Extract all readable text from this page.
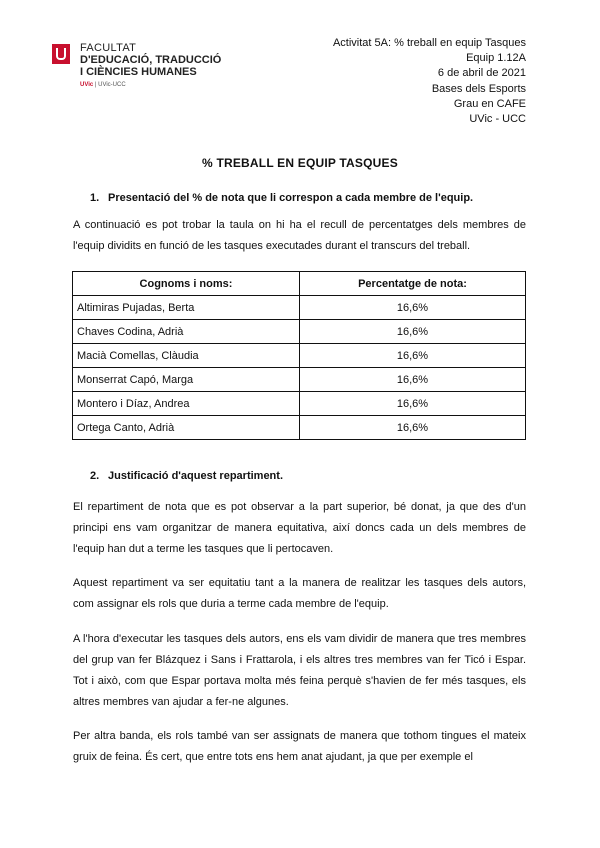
FACULTAT
D'EDUCACIÓ, TRADUCCIÓ
I CIÈNCIES HUMANES
UVic | UVic-UCC
Activitat 5A: % treball en equip Tasques
Equip 1.12A
6 de abril de 2021
Bases dels Esports
Grau en CAFE
UVic - UCC
% TREBALL EN EQUIP TASQUES
1. Presentació del % de nota que li correspon a cada membre de l'equip.
A continuació es pot trobar la taula on hi ha el recull de percentatges dels membres de l'equip dividits en funció de les tasques executades durant el transcurs del treball.
Cognoms i noms:	Percentatge de nota:
Altimiras Pujadas, Berta	16,6%
Chaves Codina, Adrià	16,6%
Macià Comellas, Clàudia	16,6%
Monserrat Capó, Marga	16,6%
Montero i Díaz, Andrea	16,6%
Ortega Canto, Adrià	16,6%
2. Justificació d'aquest repartiment.
El repartiment de nota que es pot observar a la part superior, bé donat, ja que des d'un principi ens vam organitzar de manera equitativa, així doncs cada un dels membres de l'equip han dut a terme les tasques que li pertocaven.
Aquest repartiment va ser equitatiu tant a la manera de realitzar les tasques dels autors, com assignar els rols que duria a terme cada membre de l'equip.
A l'hora d'executar les tasques dels autors, ens els vam dividir de manera que tres membres del grup van fer Blázquez i Sans i Frattarola, i els altres tres membres van fer Ticó i Espar. Tot i això, com que Espar portava molta més feina perquè s'havien de fer més tasques, els altres membres van ajudar a fer-ne algunes.
Per altra banda, els rols també van ser assignats de manera que tothom tingues el mateix gruix de feina. És cert, que entre tots ens hem anat ajudant, ja que per exemple el
